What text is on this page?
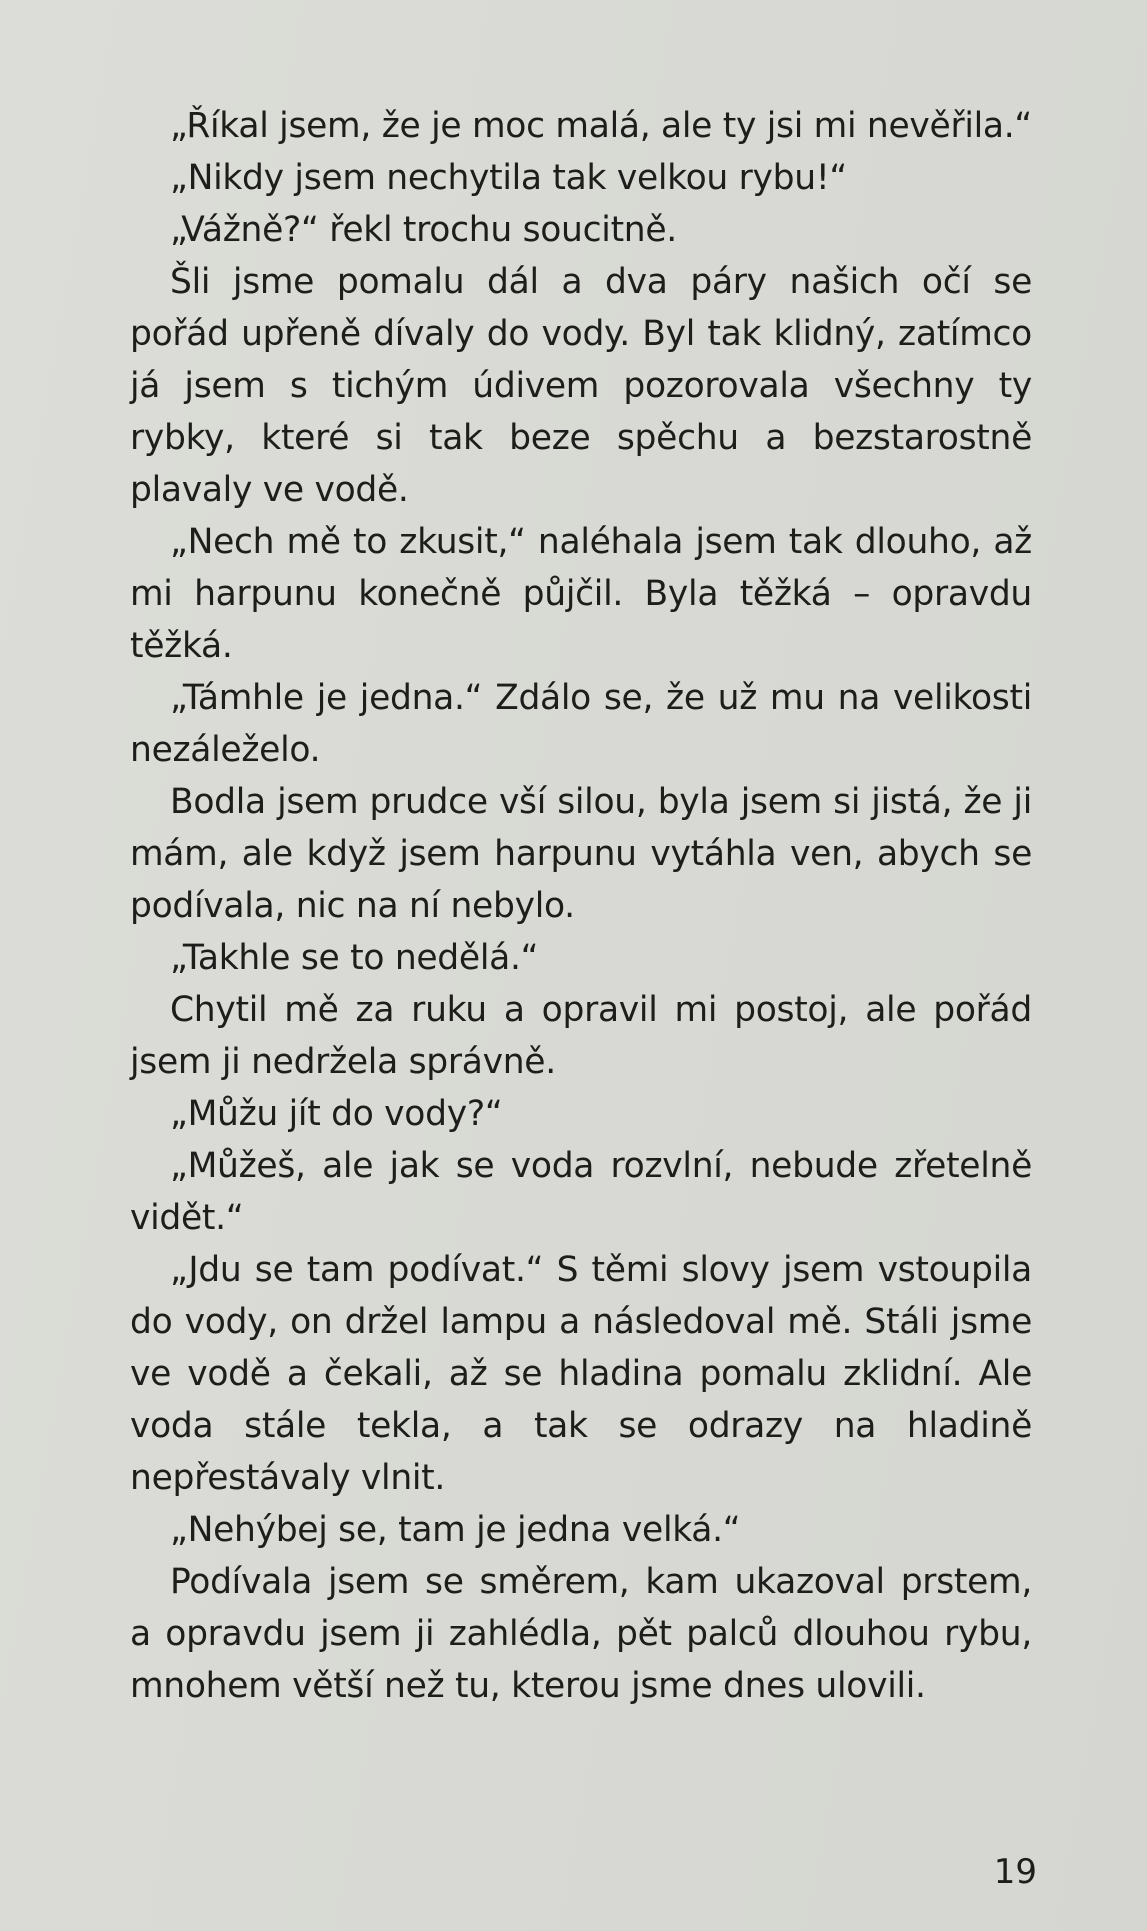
„Říkal jsem, že je moc malá, ale ty jsi mi nevěřila.“

„Nikdy jsem nechytila tak velkou rybu!“

„Vážně?“ řekl trochu soucitně.

Šli jsme pomalu dál a dva páry našich očí se pořád upřeně dívaly do vody. Byl tak klidný, zatímco já jsem s tichým údivem pozorovala všechny ty rybky, které si tak beze spěchu a bezstarostně plavaly ve vodě.

„Nech mě to zkusit,“ naléhala jsem tak dlouho, až mi harpunu konečně půjčil. Byla těžká – opravdu těžká.

„Támhle je jedna.“ Zdálo se, že už mu na velikosti nezáleželo.

Bodla jsem prudce vší silou, byla jsem si jistá, že ji mám, ale když jsem harpunu vytáhla ven, abych se podívala, nic na ní nebylo.

„Takhle se to nedělá.“

Chytil mě za ruku a opravil mi postoj, ale pořád jsem ji nedržela správně.

„Můžu jít do vody?“

„Můžeš, ale jak se voda rozvlní, nebude zřetelně vidět.“

„Jdu se tam podívat.“ S těmi slovy jsem vstoupila do vody, on držel lampu a následoval mě. Stáli jsme ve vodě a čekali, až se hladina pomalu zklidní. Ale voda stále tekla, a tak se odrazy na hladině nepřestávaly vlnit.

„Nehýbej se, tam je jedna velká.“

Podívala jsem se směrem, kam ukazoval prstem, a opravdu jsem ji zahlédla, pět palců dlouhou rybu, mnohem větší než tu, kterou jsme dnes ulovili.

19
